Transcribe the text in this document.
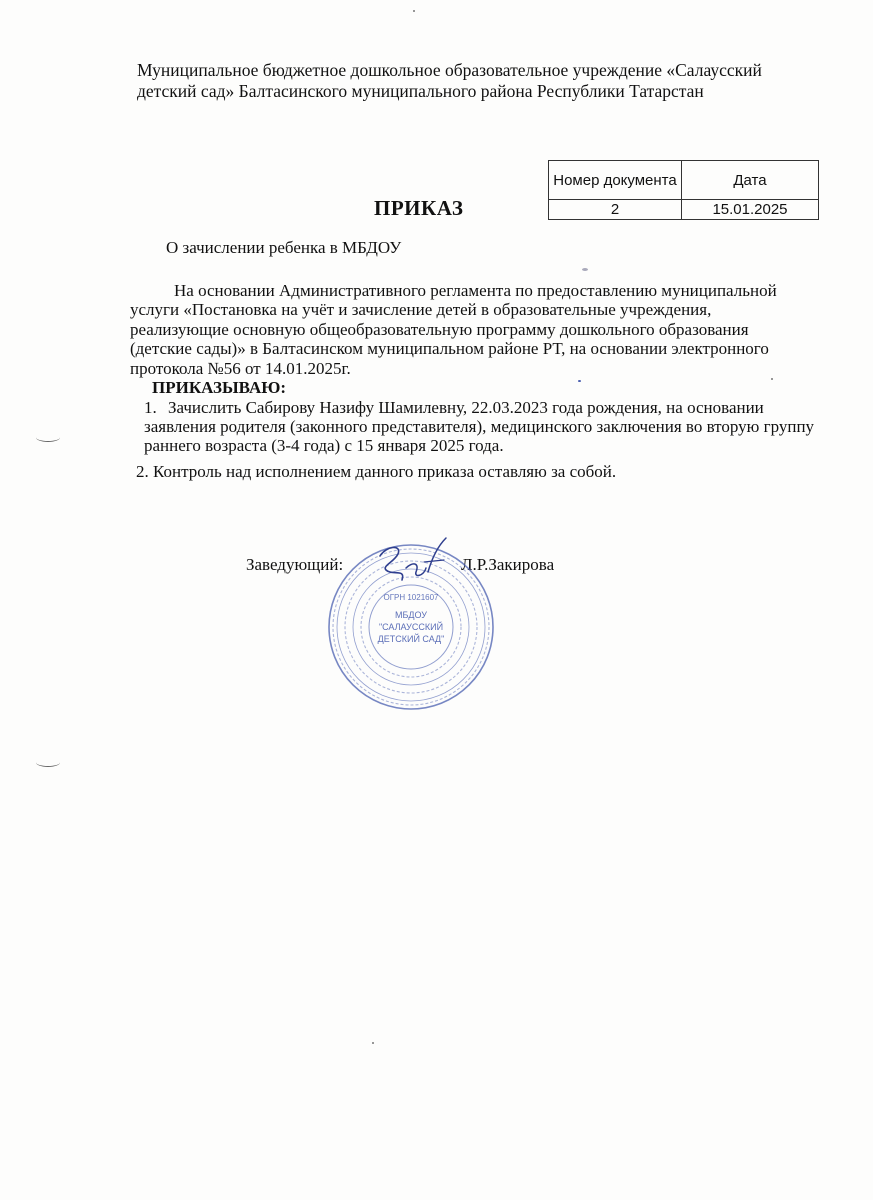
Муниципальное бюджетное дошкольное образовательное учреждение «Салаусский детский сад» Балтасинского муниципального района Республики Татарстан
Номер документа	Дата
2	15.01.2025
ПРИКАЗ
О зачислении ребенка в МБДОУ
На основании Административного регламента по предоставлению муниципальной услуги «Постановка на учёт и зачисление детей в образовательные учреждения, реализующие основную общеобразовательную программу дошкольного образования (детские сады)» в Балтасинском муниципальном районе РТ, на основании электронного протокола №56 от 14.01.2025г.
ПРИКАЗЫВАЮ:
1. Зачислить Сабирову Назифу Шамилевну, 22.03.2023 года рождения, на основании заявления родителя (законного представителя), медицинского заключения во вторую группу раннего возраста (3-4 года) с 15 января 2025 года.
2. Контроль над исполнением данного приказа оставляю за собой.
Заведующий:	Л.Р.Закирова
ОГРН 1021607
МБДОУ
"САЛАУССКИЙ
ДЕТСКИЙ САД"
